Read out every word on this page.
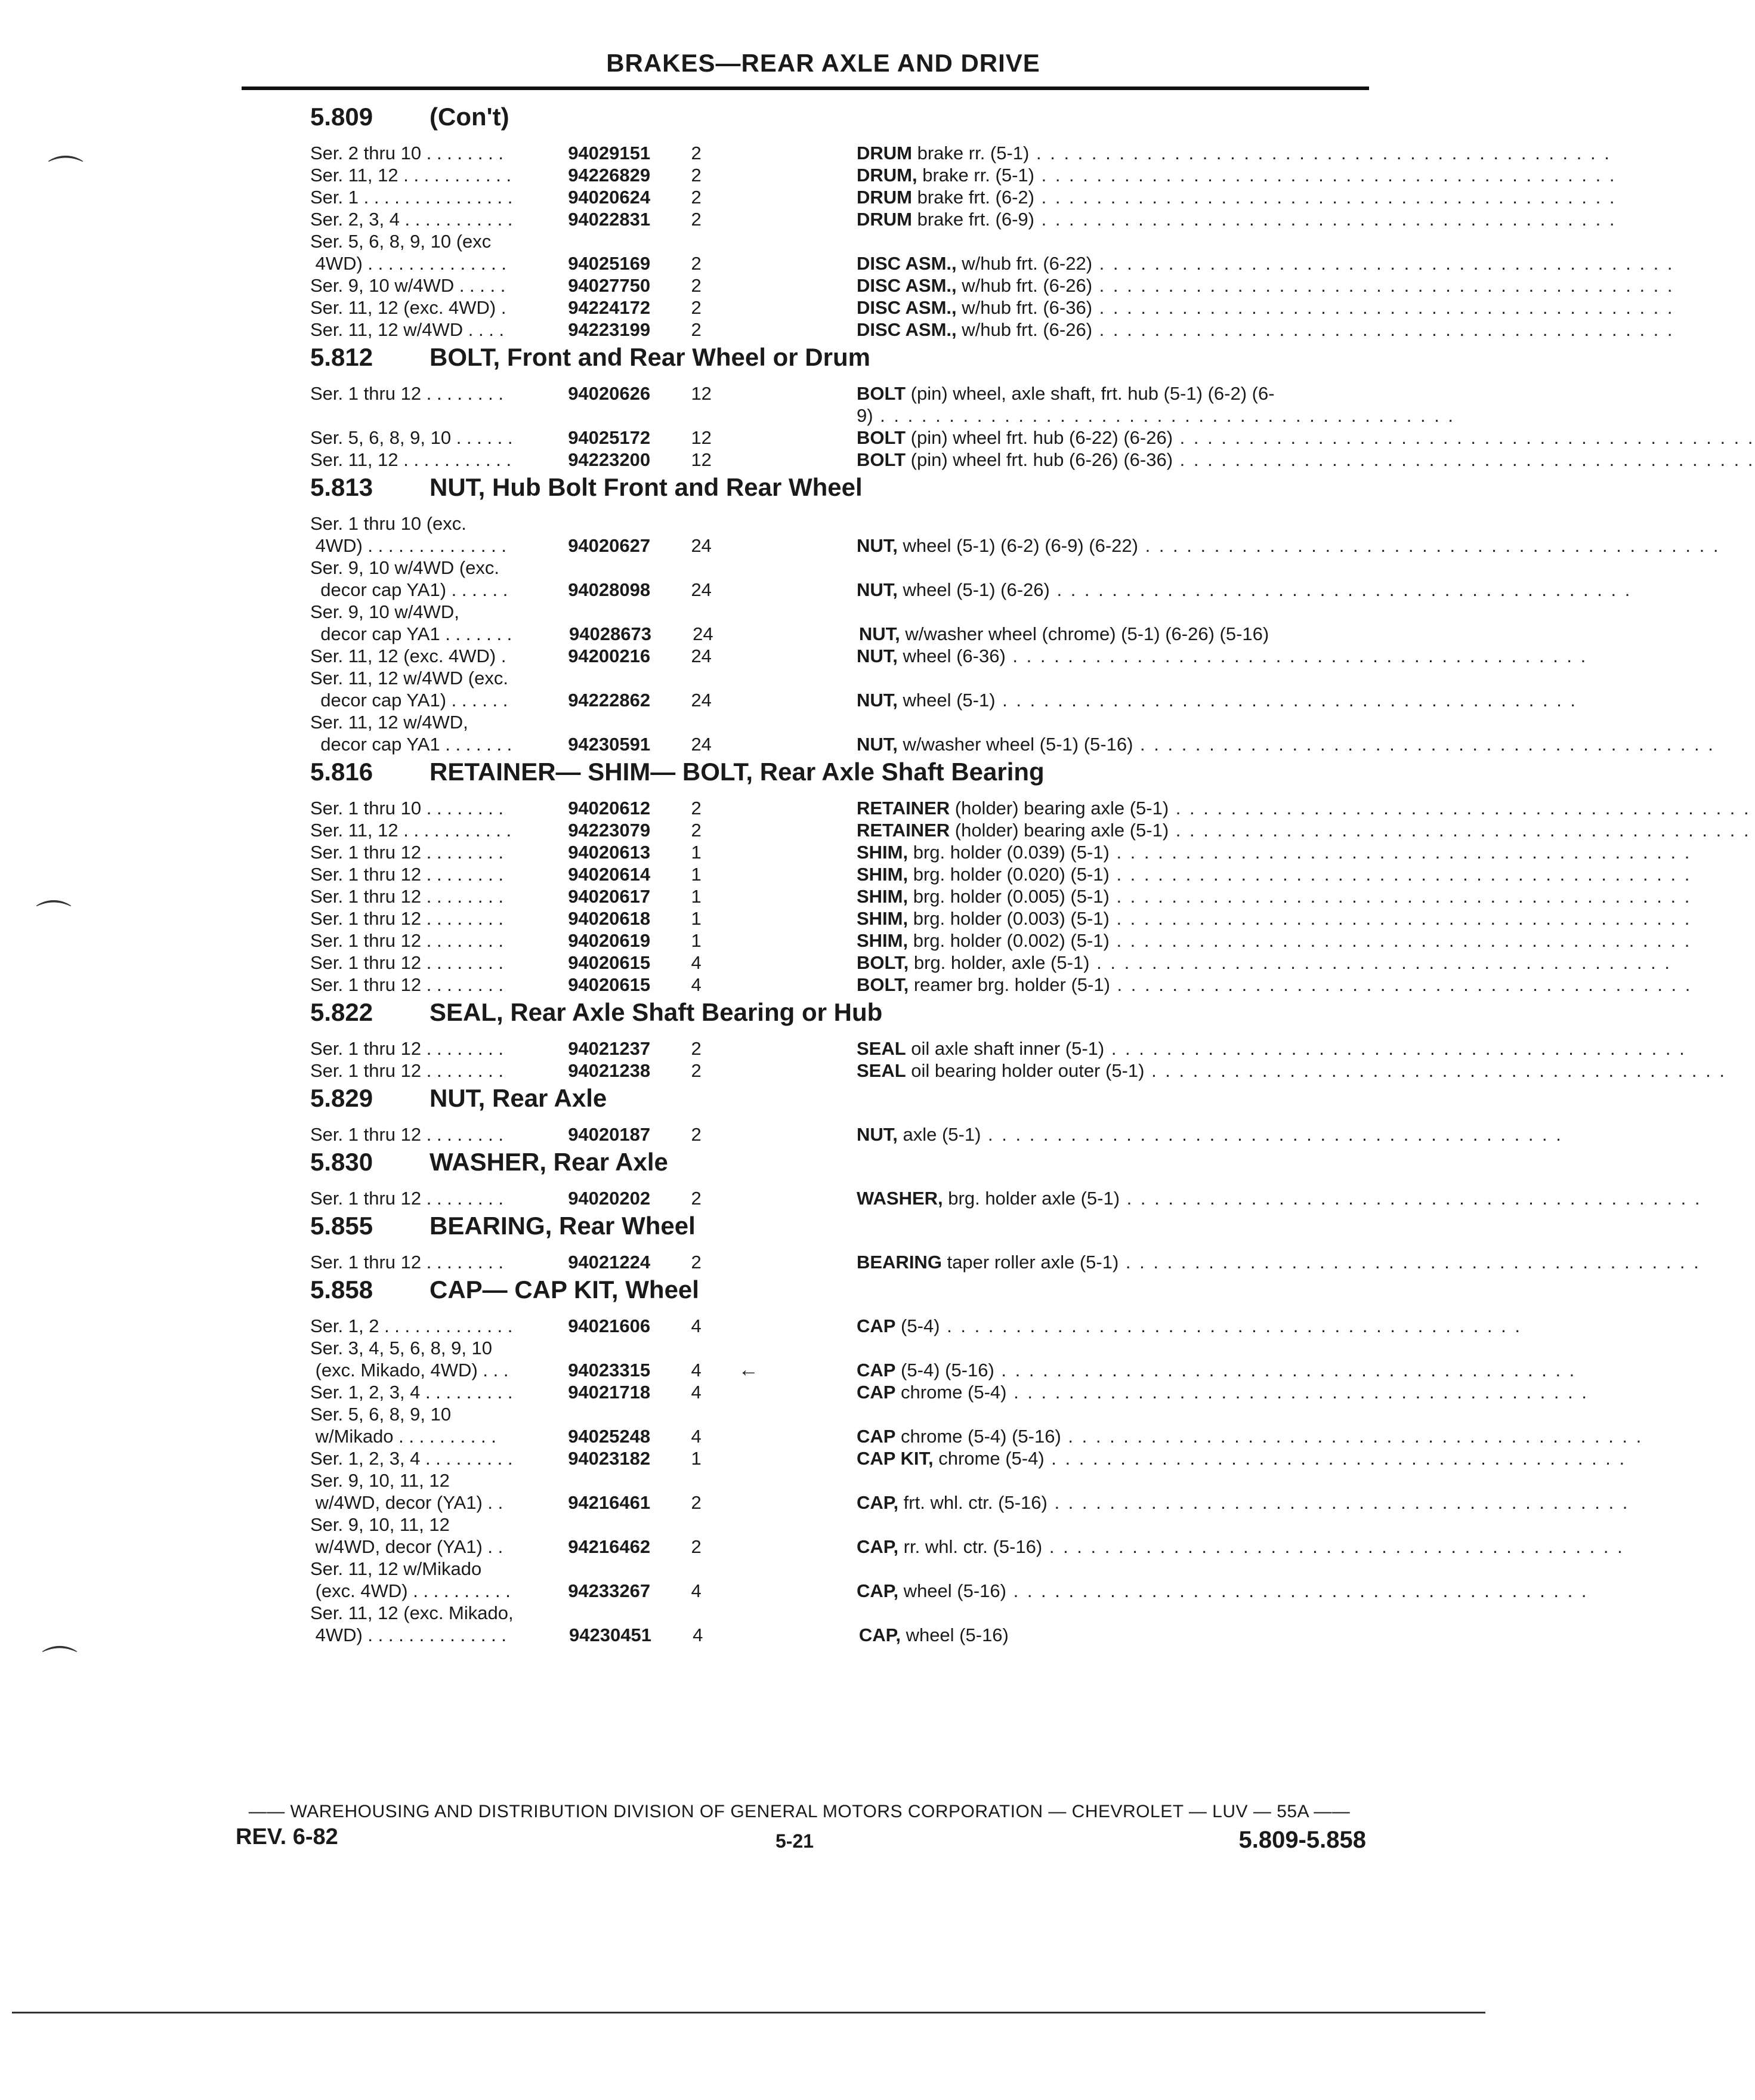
BRAKES—REAR AXLE AND DRIVE
5.809	(Con't)
Ser. 2 thru 10 . . . . . . . .	94029151	2	DRUM brake rr. (5-1) . . . . . . . . . . . . . . . . . . . . . . . . . . . . . . . . . . . . . . . . . .
Ser. 11, 12 . . . . . . . . . . .	94226829	2	DRUM, brake rr. (5-1) . . . . . . . . . . . . . . . . . . . . . . . . . . . . . . . . . . . . . . . . . .
Ser. 1 . . . . . . . . . . . . . . .	94020624	2	DRUM brake frt. (6-2) . . . . . . . . . . . . . . . . . . . . . . . . . . . . . . . . . . . . . . . . . .
Ser. 2, 3, 4 . . . . . . . . . . .	94022831	2	DRUM brake frt. (6-9) . . . . . . . . . . . . . . . . . . . . . . . . . . . . . . . . . . . . . . . . . .
Ser. 5, 6, 8, 9, 10 (exc
4WD) . . . . . . . . . . . . . .	94025169	2	DISC ASM., w/hub frt. (6-22) . . . . . . . . . . . . . . . . . . . . . . . . . . . . . . . . . . . . . . . . . .
Ser. 9, 10 w/4WD . . . . .	94027750	2	DISC ASM., w/hub frt. (6-26) . . . . . . . . . . . . . . . . . . . . . . . . . . . . . . . . . . . . . . . . . .
Ser. 11, 12 (exc. 4WD) .	94224172	2	DISC ASM., w/hub frt. (6-36) . . . . . . . . . . . . . . . . . . . . . . . . . . . . . . . . . . . . . . . . . .
Ser. 11, 12 w/4WD . . . .	94223199	2	DISC ASM., w/hub frt. (6-26) . . . . . . . . . . . . . . . . . . . . . . . . . . . . . . . . . . . . . . . . . .
5.812	BOLT, Front and Rear Wheel or Drum
Ser. 1 thru 12 . . . . . . . .	94020626	12	BOLT (pin) wheel, axle shaft, frt. hub (5-1) (6-2) (6-
9) . . . . . . . . . . . . . . . . . . . . . . . . . . . . . . . . . . . . . . . . . .
Ser. 5, 6, 8, 9, 10 . . . . . .	94025172	12	BOLT (pin) wheel frt. hub (6-22) (6-26) . . . . . . . . . . . . . . . . . . . . . . . . . . . . . . . . . . . . . . . . . .
Ser. 11, 12 . . . . . . . . . . .	94223200	12	BOLT (pin) wheel frt. hub (6-26) (6-36) . . . . . . . . . . . . . . . . . . . . . . . . . . . . . . . . . . . . . . . . . .
5.813	NUT, Hub Bolt Front and Rear Wheel
Ser. 1 thru 10 (exc.
4WD) . . . . . . . . . . . . . .	94020627	24	NUT, wheel (5-1) (6-2) (6-9) (6-22) . . . . . . . . . . . . . . . . . . . . . . . . . . . . . . . . . . . . . . . . . .
Ser. 9, 10 w/4WD (exc.
decor cap YA1) . . . . . .	94028098	24	NUT, wheel (5-1) (6-26) . . . . . . . . . . . . . . . . . . . . . . . . . . . . . . . . . . . . . . . . . .
Ser. 9, 10 w/4WD,
decor cap YA1 . . . . . . .	94028673	24	NUT, w/washer wheel (chrome) (5-1) (6-26) (5-16)
Ser. 11, 12 (exc. 4WD) .	94200216	24	NUT, wheel (6-36) . . . . . . . . . . . . . . . . . . . . . . . . . . . . . . . . . . . . . . . . . .
Ser. 11, 12 w/4WD (exc.
decor cap YA1) . . . . . .	94222862	24	NUT, wheel (5-1) . . . . . . . . . . . . . . . . . . . . . . . . . . . . . . . . . . . . . . . . . .
Ser. 11, 12 w/4WD,
decor cap YA1 . . . . . . .	94230591	24	NUT, w/washer wheel (5-1) (5-16) . . . . . . . . . . . . . . . . . . . . . . . . . . . . . . . . . . . . . . . . . .
5.816	RETAINER— SHIM— BOLT, Rear Axle Shaft Bearing
Ser. 1 thru 10 . . . . . . . .	94020612	2	RETAINER (holder) bearing axle (5-1) . . . . . . . . . . . . . . . . . . . . . . . . . . . . . . . . . . . . . . . . . .
Ser. 11, 12 . . . . . . . . . . .	94223079	2	RETAINER (holder) bearing axle (5-1) . . . . . . . . . . . . . . . . . . . . . . . . . . . . . . . . . . . . . . . . . .
Ser. 1 thru 12 . . . . . . . .	94020613	1	SHIM, brg. holder (0.039) (5-1) . . . . . . . . . . . . . . . . . . . . . . . . . . . . . . . . . . . . . . . . . .
Ser. 1 thru 12 . . . . . . . .	94020614	1	SHIM, brg. holder (0.020) (5-1) . . . . . . . . . . . . . . . . . . . . . . . . . . . . . . . . . . . . . . . . . .
Ser. 1 thru 12 . . . . . . . .	94020617	1	SHIM, brg. holder (0.005) (5-1) . . . . . . . . . . . . . . . . . . . . . . . . . . . . . . . . . . . . . . . . . .
Ser. 1 thru 12 . . . . . . . .	94020618	1	SHIM, brg. holder (0.003) (5-1) . . . . . . . . . . . . . . . . . . . . . . . . . . . . . . . . . . . . . . . . . .
Ser. 1 thru 12 . . . . . . . .	94020619	1	SHIM, brg. holder (0.002) (5-1) . . . . . . . . . . . . . . . . . . . . . . . . . . . . . . . . . . . . . . . . . .
Ser. 1 thru 12 . . . . . . . .	94020615	4	BOLT, brg. holder, axle (5-1) . . . . . . . . . . . . . . . . . . . . . . . . . . . . . . . . . . . . . . . . . .
Ser. 1 thru 12 . . . . . . . .	94020615	4	BOLT, reamer brg. holder (5-1) . . . . . . . . . . . . . . . . . . . . . . . . . . . . . . . . . . . . . . . . . .
5.822	SEAL, Rear Axle Shaft Bearing or Hub
Ser. 1 thru 12 . . . . . . . .	94021237	2	SEAL oil axle shaft inner (5-1) . . . . . . . . . . . . . . . . . . . . . . . . . . . . . . . . . . . . . . . . . .
Ser. 1 thru 12 . . . . . . . .	94021238	2	SEAL oil bearing holder outer (5-1) . . . . . . . . . . . . . . . . . . . . . . . . . . . . . . . . . . . . . . . . . .
5.829	NUT, Rear Axle
Ser. 1 thru 12 . . . . . . . .	94020187	2	NUT, axle (5-1) . . . . . . . . . . . . . . . . . . . . . . . . . . . . . . . . . . . . . . . . . .
5.830	WASHER, Rear Axle
Ser. 1 thru 12 . . . . . . . .	94020202	2	WASHER, brg. holder axle (5-1) . . . . . . . . . . . . . . . . . . . . . . . . . . . . . . . . . . . . . . . . . .
5.855	BEARING, Rear Wheel
Ser. 1 thru 12 . . . . . . . .	94021224	2	BEARING taper roller axle (5-1) . . . . . . . . . . . . . . . . . . . . . . . . . . . . . . . . . . . . . . . . . .
5.858	CAP— CAP KIT, Wheel
Ser. 1, 2 . . . . . . . . . . . . .	94021606	4	CAP (5-4) . . . . . . . . . . . . . . . . . . . . . . . . . . . . . . . . . . . . . . . . . .
Ser. 3, 4, 5, 6, 8, 9, 10
(exc. Mikado, 4WD) . . .	94023315	4	←	CAP (5-4) (5-16) . . . . . . . . . . . . . . . . . . . . . . . . . . . . . . . . . . . . . . . . . .
Ser. 1, 2, 3, 4 . . . . . . . . .	94021718	4	CAP chrome (5-4) . . . . . . . . . . . . . . . . . . . . . . . . . . . . . . . . . . . . . . . . . .
Ser. 5, 6, 8, 9, 10
w/Mikado . . . . . . . . . .	94025248	4	CAP chrome (5-4) (5-16) . . . . . . . . . . . . . . . . . . . . . . . . . . . . . . . . . . . . . . . . . .
Ser. 1, 2, 3, 4 . . . . . . . . .	94023182	1	CAP KIT, chrome (5-4) . . . . . . . . . . . . . . . . . . . . . . . . . . . . . . . . . . . . . . . . . .
Ser. 9, 10, 11, 12
w/4WD, decor (YA1) . .	94216461	2	CAP, frt. whl. ctr. (5-16) . . . . . . . . . . . . . . . . . . . . . . . . . . . . . . . . . . . . . . . . . .
Ser. 9, 10, 11, 12
w/4WD, decor (YA1) . .	94216462	2	CAP, rr. whl. ctr. (5-16) . . . . . . . . . . . . . . . . . . . . . . . . . . . . . . . . . . . . . . . . . .
Ser. 11, 12 w/Mikado
(exc. 4WD) . . . . . . . . . .	94233267	4	CAP, wheel (5-16) . . . . . . . . . . . . . . . . . . . . . . . . . . . . . . . . . . . . . . . . . .
Ser. 11, 12 (exc. Mikado,
4WD) . . . . . . . . . . . . . .	94230451	4	CAP, wheel (5-16)
—— WAREHOUSING AND DISTRIBUTION DIVISION OF GENERAL MOTORS CORPORATION — CHEVROLET — LUV — 55A ——
REV. 6-82	5-21	5.809-5.858
⌒
⌒
⌒
